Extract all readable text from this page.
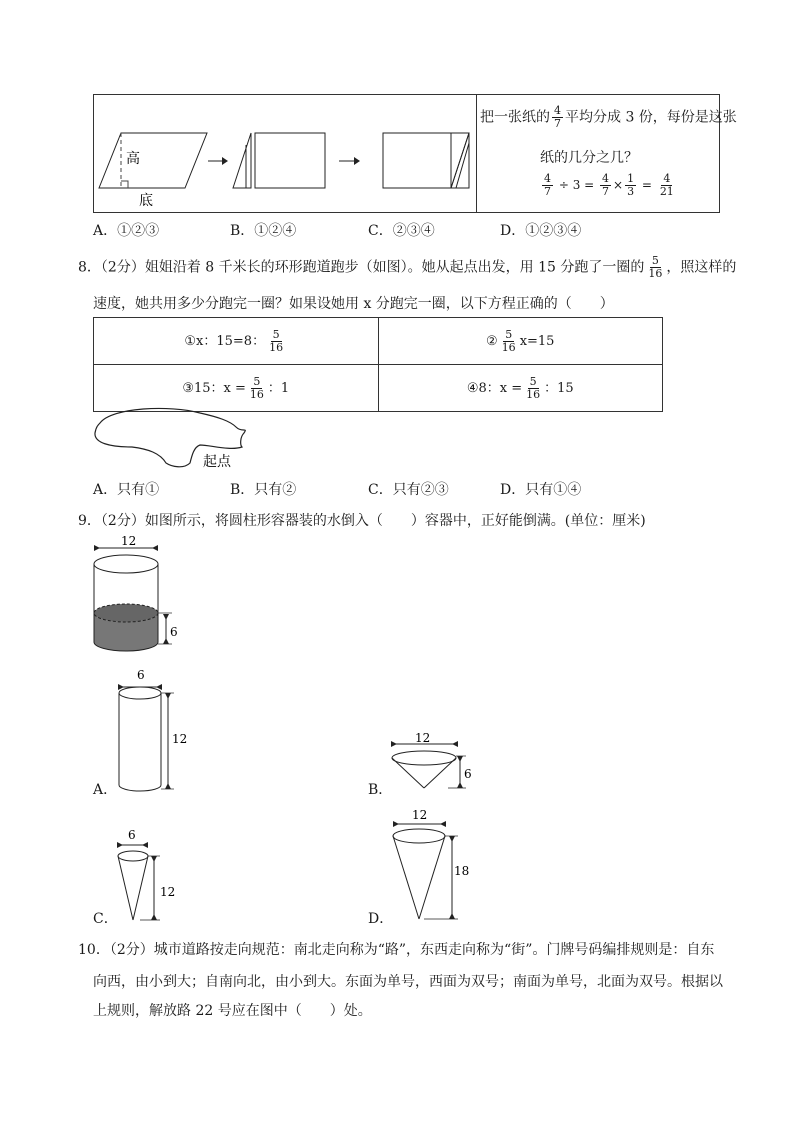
高
底
把一张纸的 $\frac{4}{7}$ 平均分成 3 份，每份是这张
纸的几分之几？
$\frac{4}{7} \div 3 = \frac{4}{7} \times \frac{1}{3} = \frac{4}{21}$
A．①②③	B．①②④	C．②③④	D．①②③④
8．（2分）姐姐沿着 8 千米长的环形跑道跑步（如图）。她从起点出发，用 15 分跑了一圈的 $\frac{5}{16}$ ，照这样的
速度，她共用多少分跑完一圈？如果设她用 x 分跑完一圈，以下方程正确的（　　）
①x：15=8： $\frac{5}{16}$	② $\frac{5}{16} x=15$
③15：$x = \frac{5}{16}$ ：1	④8：$x = \frac{5}{16}$ ：15
起点
A．只有①	B．只有②	C．只有②③	D．只有①④
9．（2分）如图所示，将圆柱形容器装的水倒入（　　）容器中，正好能倒满。(单位：厘米)
12
6
A．
6
12
B．
12
6
C．
6
12
D．
12
18
10．（2分）城市道路按走向规范：南北走向称为“路”，东西走向称为“街”。门牌号码编排规则是：自东
向西，由小到大；自南向北，由小到大。东面为单号，西面为双号；南面为单号，北面为双号。根据以
上规则，解放路 22 号应在图中（　　）处。
